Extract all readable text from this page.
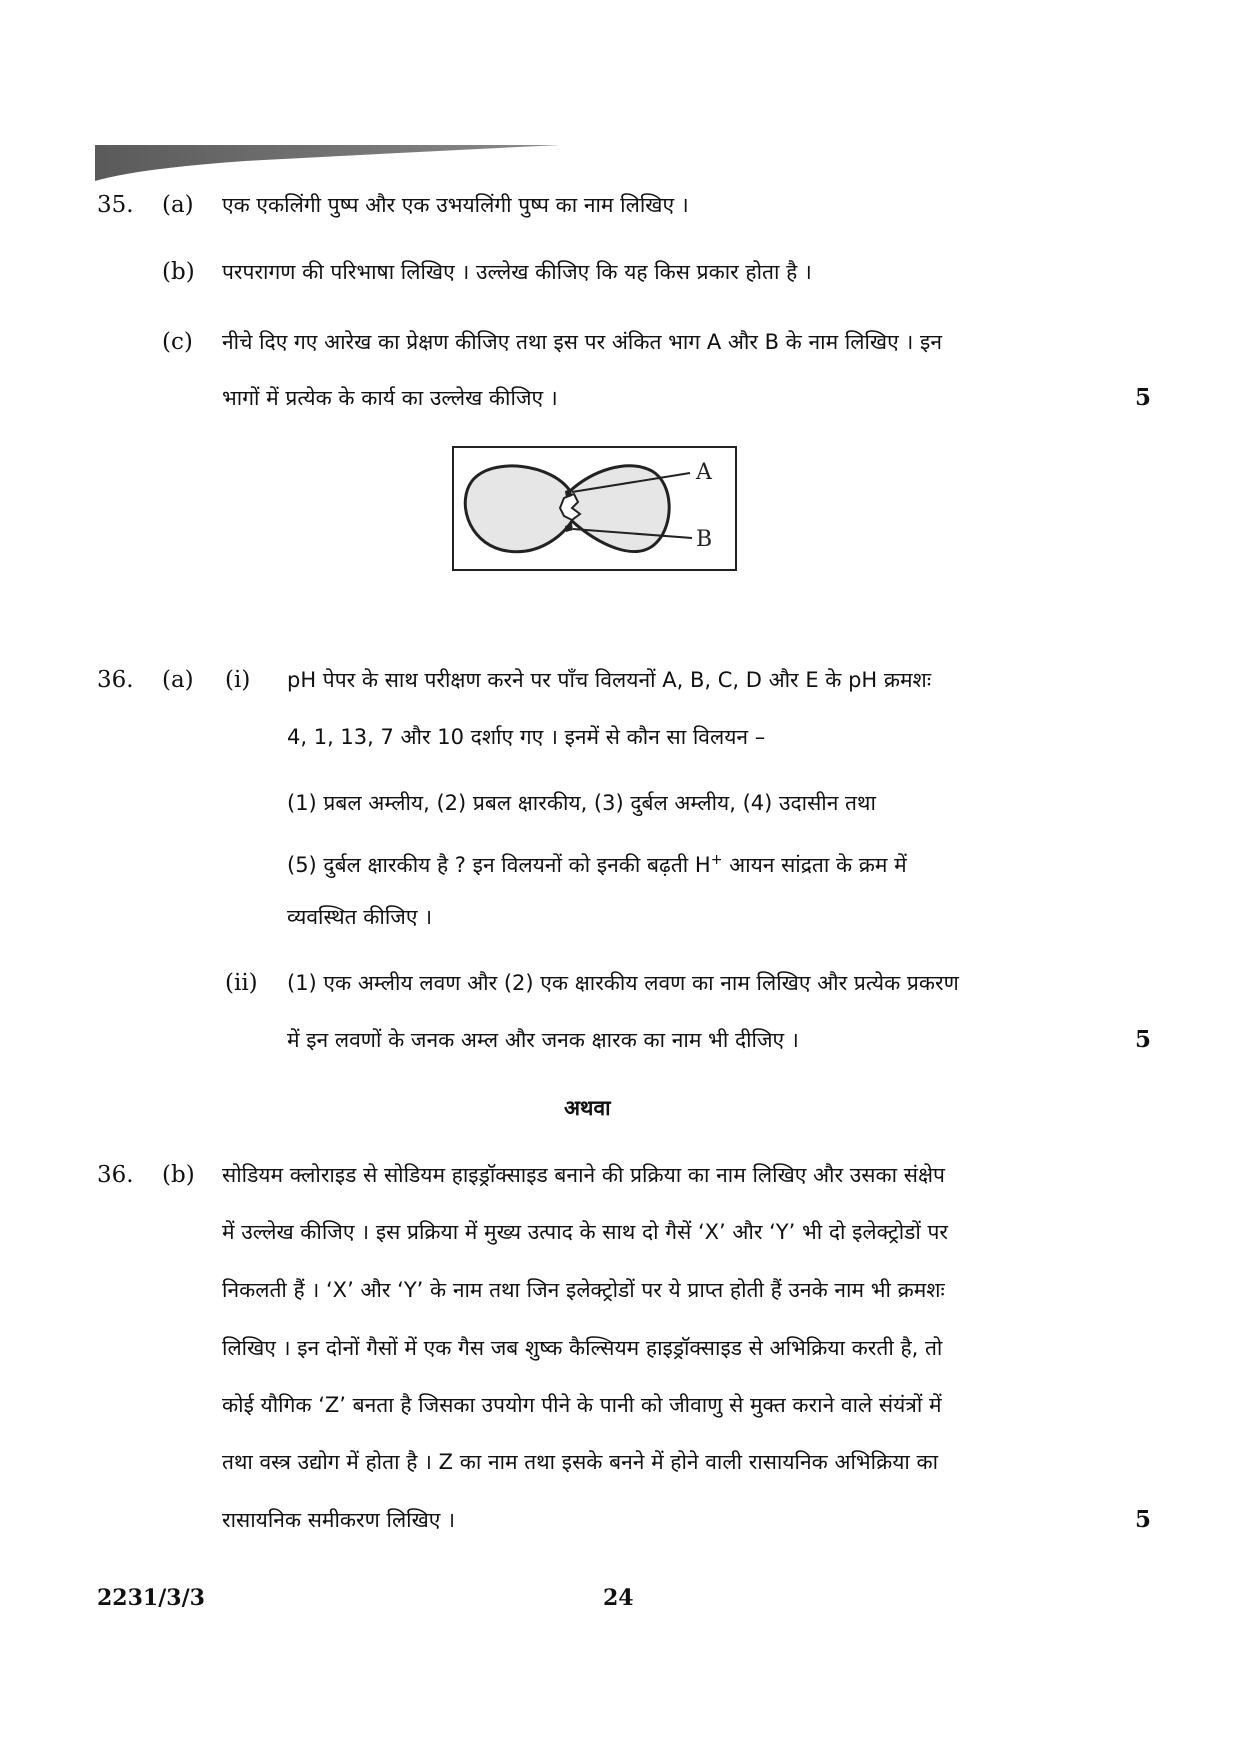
35. (a) एक एकलिंगी पुष्प और एक उभयलिंगी पुष्प का नाम लिखिए ।
(b) परपरागण की परिभाषा लिखिए । उल्लेख कीजिए कि यह किस प्रकार होता है ।
(c) नीचे दिए गए आरेख का प्रेक्षण कीजिए तथा इस पर अंकित भाग A और B के नाम लिखिए । इन
भागों में प्रत्येक के कार्य का उल्लेख कीजिए ।	5
A
B
36. (a) (i) pH पेपर के साथ परीक्षण करने पर पाँच विलयनों A, B, C, D और E के pH क्रमशः
4, 1, 13, 7 और 10 दर्शाए गए । इनमें से कौन सा विलयन –
(1) प्रबल अम्लीय, (2) प्रबल क्षारकीय, (3) दुर्बल अम्लीय, (4) उदासीन तथा
(5) दुर्बल क्षारकीय है ? इन विलयनों को इनकी बढ़ती H+ आयन सांद्रता के क्रम में
व्यवस्थित कीजिए ।
(ii) (1) एक अम्लीय लवण और (2) एक क्षारकीय लवण का नाम लिखिए और प्रत्येक प्रकरण
में इन लवणों के जनक अम्ल और जनक क्षारक का नाम भी दीजिए ।	5
अथवा
36. (b) सोडियम क्लोराइड से सोडियम हाइड्रॉक्साइड बनाने की प्रक्रिया का नाम लिखिए और उसका संक्षेप
में उल्लेख कीजिए । इस प्रक्रिया में मुख्य उत्पाद के साथ दो गैसें ‘X’ और ‘Y’ भी दो इलेक्ट्रोडों पर
निकलती हैं । ‘X’ और ‘Y’ के नाम तथा जिन इलेक्ट्रोडों पर ये प्राप्त होती हैं उनके नाम भी क्रमशः
लिखिए । इन दोनों गैसों में एक गैस जब शुष्क कैल्सियम हाइड्रॉक्साइड से अभिक्रिया करती है, तो
कोई यौगिक ‘Z’ बनता है जिसका उपयोग पीने के पानी को जीवाणु से मुक्त कराने वाले संयंत्रों में
तथा वस्त्र उद्योग में होता है । Z का नाम तथा इसके बनने में होने वाली रासायनिक अभिक्रिया का
रासायनिक समीकरण लिखिए ।	5
2231/3/3	24
